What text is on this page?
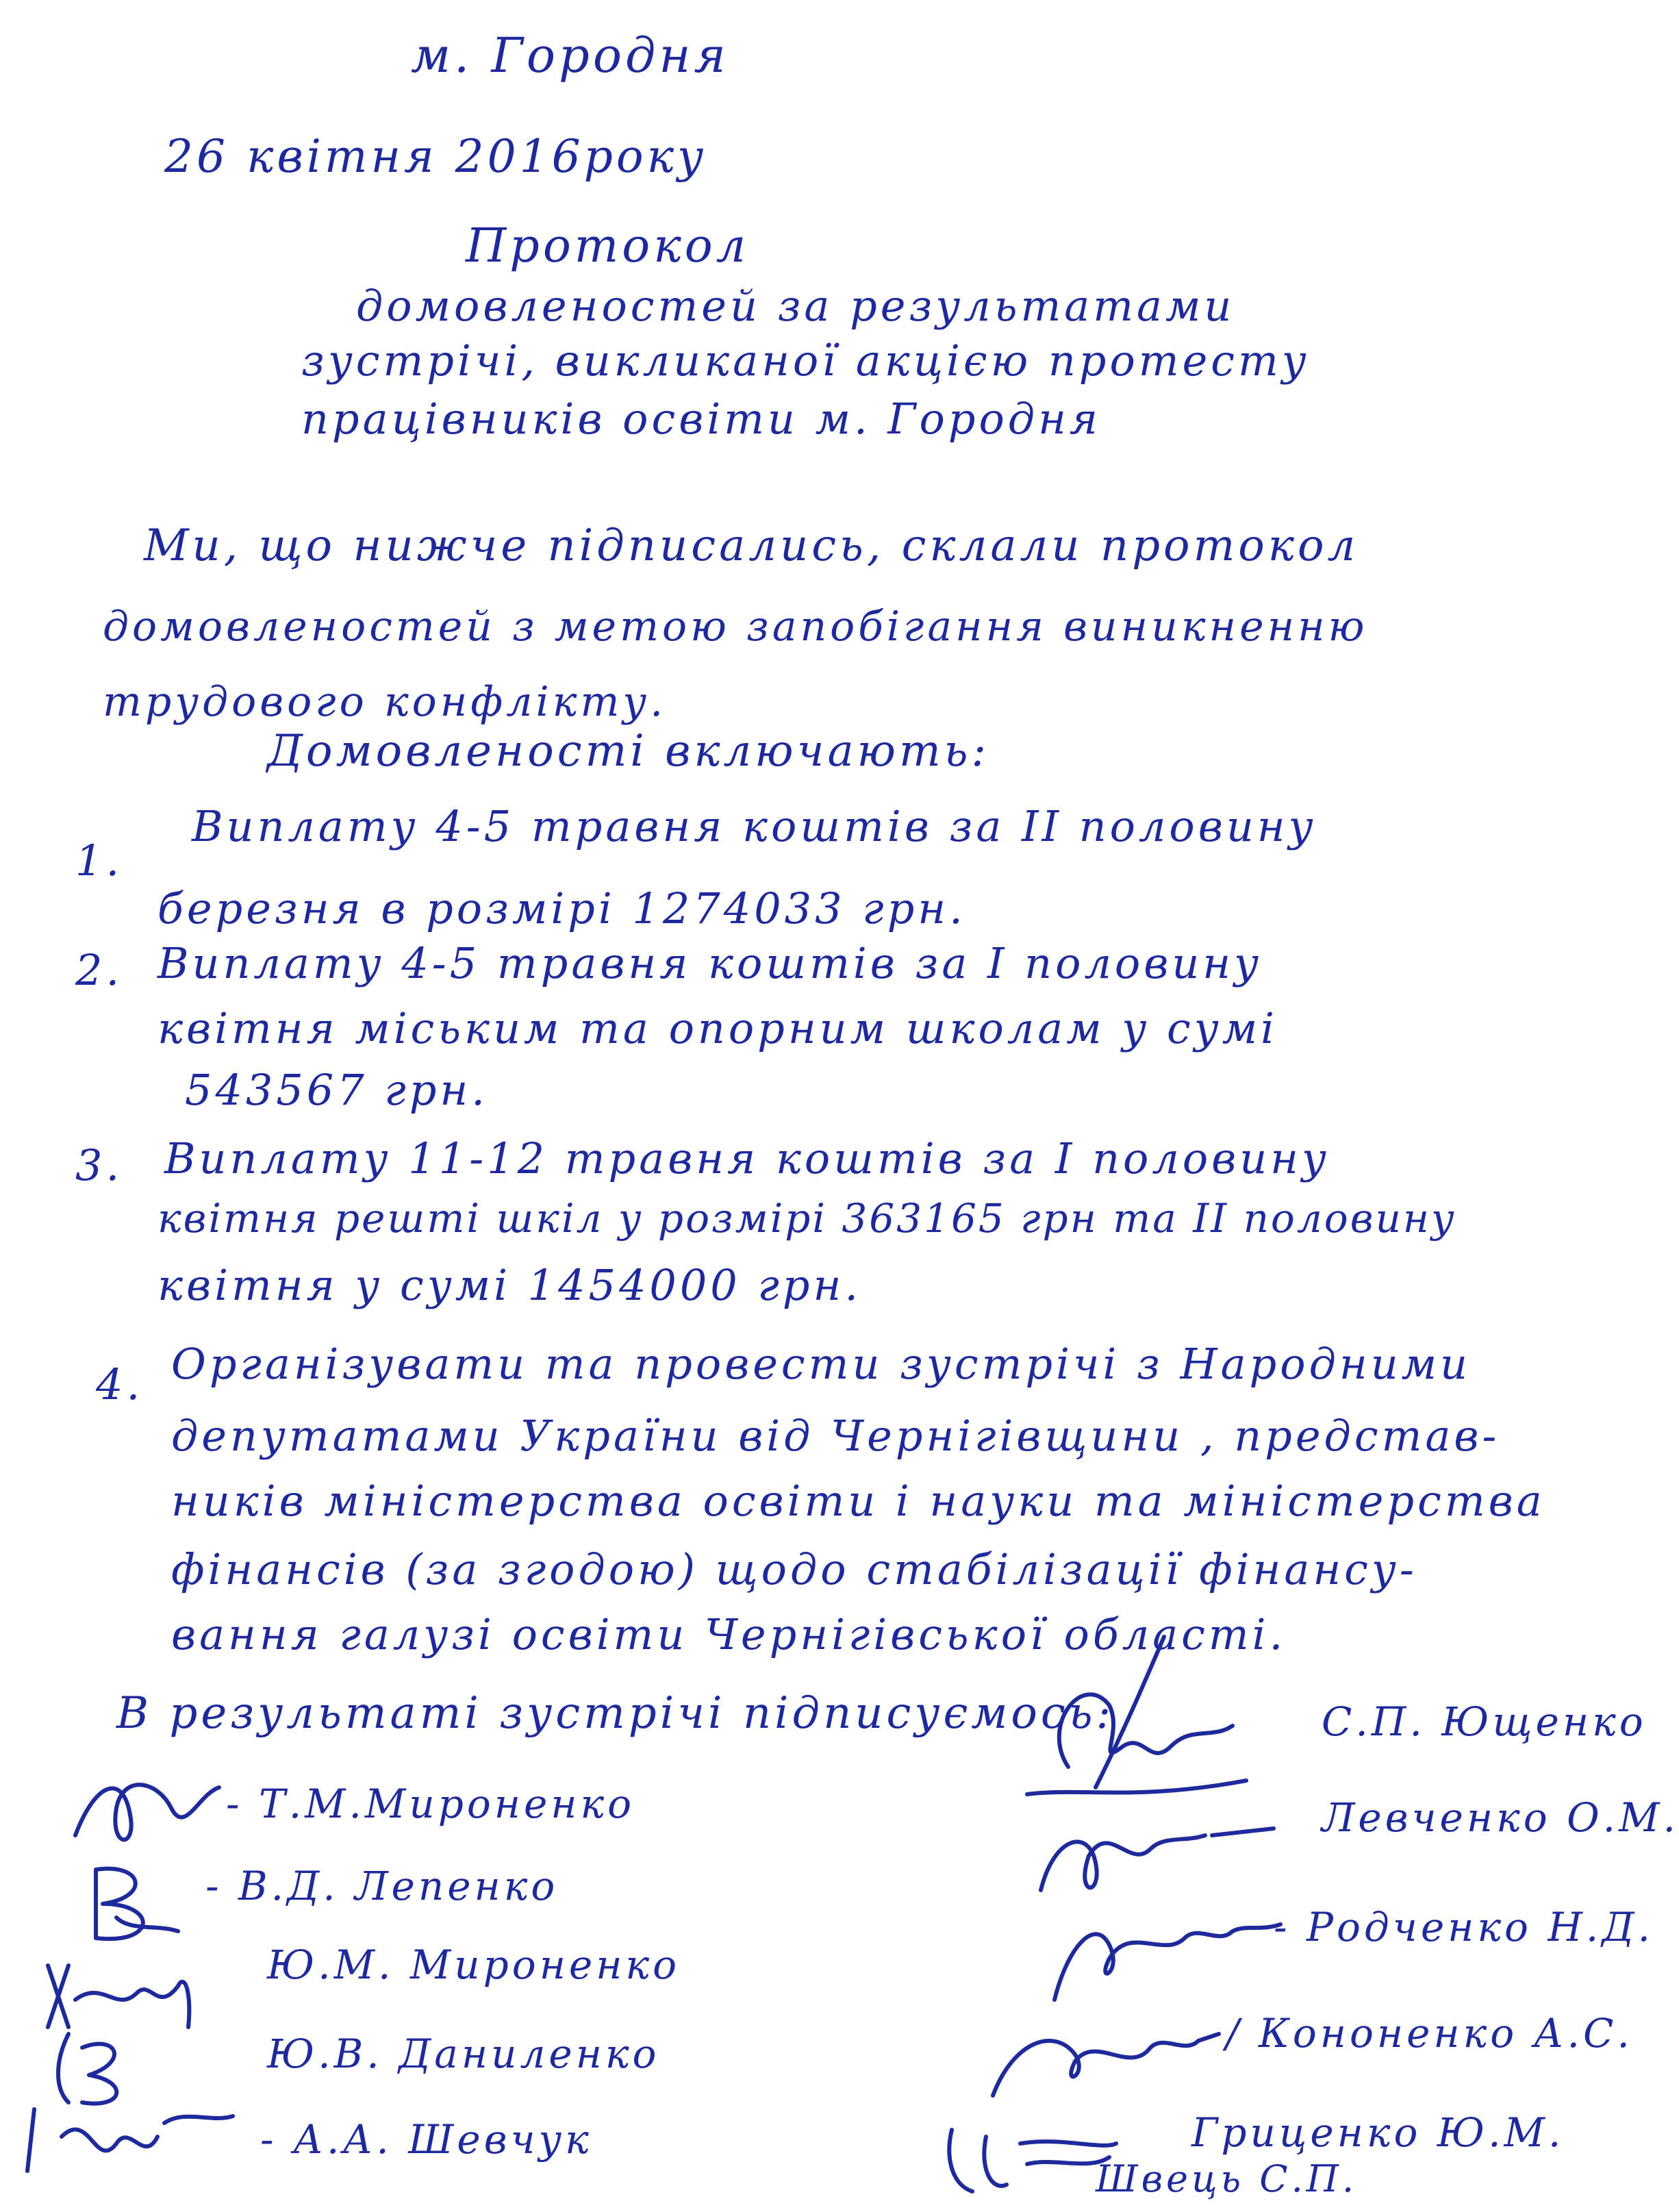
м. Городня
26 квітня 2016року
Протокол
домовленостей за результатами
зустрічі, викликаної акцією протесту
працівників освіти м. Городня
Ми, що нижче підписались, склали протокол
домовленостей з метою запобігання виникненню
трудового конфлікту.
Домовленості включають:
1.
Виплату 4-5 травня коштів за ІІ половину
березня в розмірі 1274033 грн.
2. Виплату 4-5 травня коштів за І половину
квітня міським та опорним школам у сумі
543567 грн.
3. Виплату 11-12 травня коштів за І половину
квітня решті шкіл у розмірі 363165 грн та ІІ половину
квітня у сумі 1454000 грн.
4. Організувати та провести зустрічі з Народними
депутатами України від Чернігівщини , представ-
ників міністерства освіти і науки та міністерства
фінансів (за згодою) щодо стабілізації фінансу-
вання галузі освіти Чернігівської області.
В результаті зустрічі підписуємось:
- Т.М.Мироненко
- В.Д. Лепенко
Ю.М. Мироненко
Ю.В. Даниленко
- А.А. Шевчук
С.П. Ющенко
Левченко О.М.
- Родченко Н.Д.
/ Кононенко А.С.
Гриценко Ю.М.
Швець С.П.
